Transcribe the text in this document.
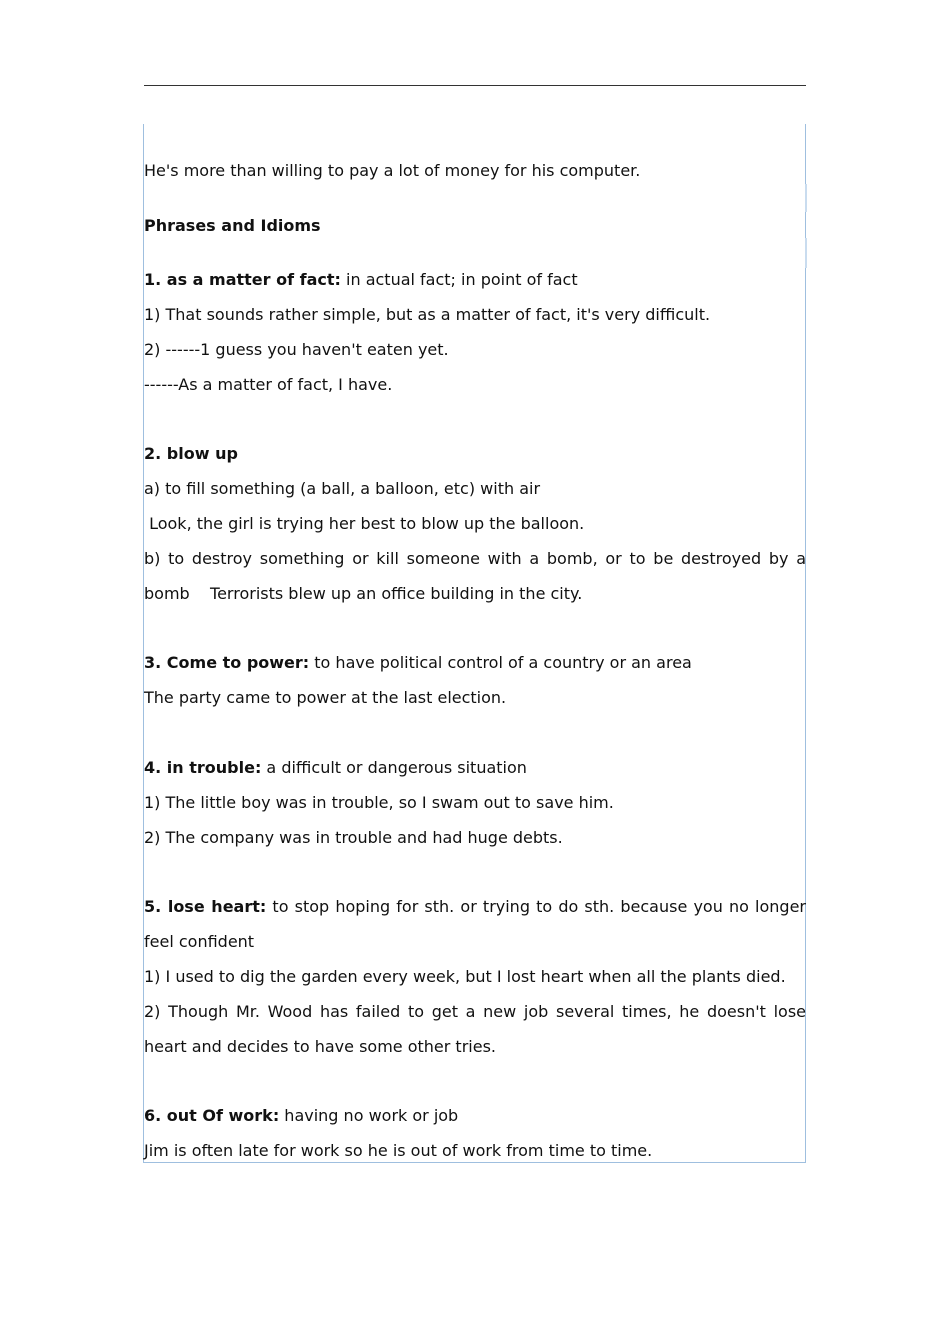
He's more than willing to pay a lot of money for his computer.
Phrases and Idioms
1. as a matter of fact: in actual fact; in point of fact
1) That sounds rather simple, but as a matter of fact, it's very difficult.
2) ------1 guess you haven't eaten yet.
------As a matter of fact, I have.
2. blow up
a) to fill something (a ball, a balloon, etc) with air
Look, the girl is trying her best to blow up the balloon.
b) to destroy something or kill someone with a bomb, or to be destroyed by a
bomb    Terrorists blew up an office building in the city.
3. Come to power: to have political control of a country or an area
The party came to power at the last election.
4. in trouble: a difficult or dangerous situation
1) The little boy was in trouble, so I swam out to save him.
2) The company was in trouble and had huge debts.
5. lose heart: to stop hoping for sth. or trying to do sth. because you no longer
feel confident
1) I used to dig the garden every week, but I lost heart when all the plants died.
2) Though Mr. Wood has failed to get a new job several times, he doesn't lose
heart and decides to have some other tries.
6. out Of work: having no work or job
Jim is often late for work so he is out of work from time to time.
